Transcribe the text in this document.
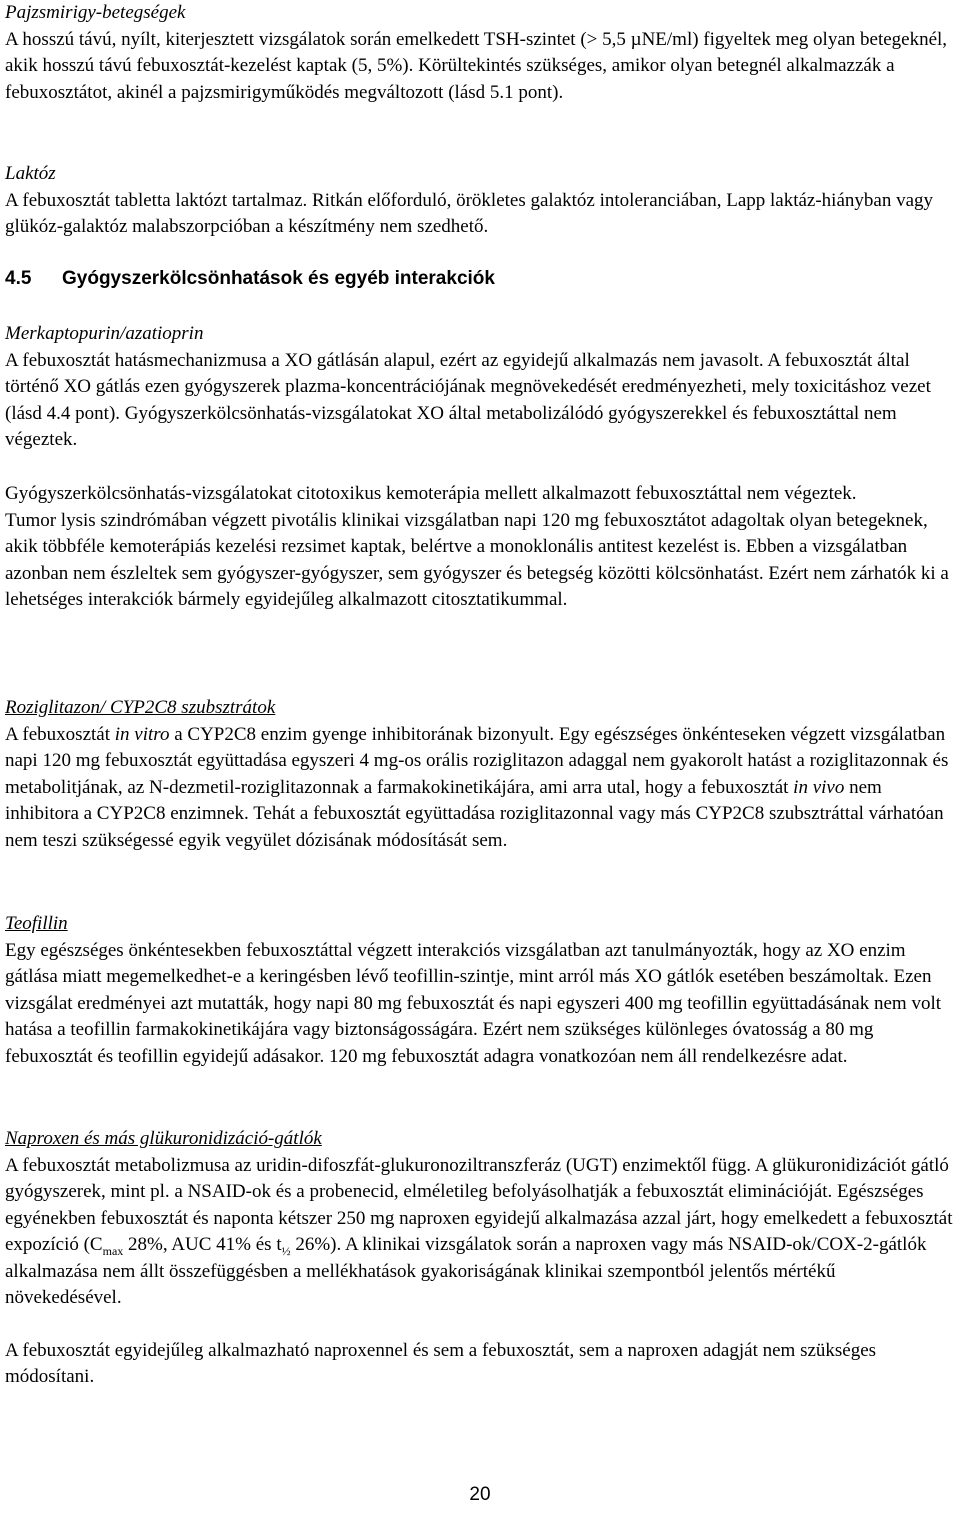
Pajzsmirigy-betegségek
A hosszú távú, nyílt, kiterjesztett vizsgálatok során emelkedett TSH-szintet (> 5,5 µNE/ml) figyeltek meg olyan betegeknél, akik hosszú távú febuxosztát-kezelést kaptak (5, 5%). Körültekintés szükséges, amikor olyan betegnél alkalmazzák a febuxosztátot, akinél a pajzsmirigyműködés megváltozott (lásd 5.1 pont).
Laktóz
A febuxosztát tabletta laktózt tartalmaz. Ritkán előforduló, örökletes galaktóz intoleranciában, Lapp laktáz-hiányban vagy glükóz-galaktóz malabszorpcióban a készítmény nem szedhető.
4.5 Gyógyszerkölcsönhatások és egyéb interakciók
Merkaptopurin/azatioprin
A febuxosztát hatásmechanizmusa a XO gátlásán alapul, ezért az egyidejű alkalmazás nem javasolt. A febuxosztát által történő XO gátlás ezen gyógyszerek plazma-koncentrációjának megnövekedését eredményezheti, mely toxicitáshoz vezet (lásd 4.4 pont). Gyógyszerkölcsönhatás-vizsgálatokat XO által metabolizálódó gyógyszerekkel és febuxosztáttal nem végeztek.
Gyógyszerkölcsönhatás-vizsgálatokat citotoxikus kemoterápia mellett alkalmazott febuxosztáttal nem végeztek.
Tumor lysis szindrómában végzett pivotális klinikai vizsgálatban napi 120 mg febuxosztátot adagoltak olyan betegeknek, akik többféle kemoterápiás kezelési rezsimet kaptak, belértve a monoklonális antitest kezelést is. Ebben a vizsgálatban azonban nem észleltek sem gyógyszer-gyógyszer, sem gyógyszer és betegség közötti kölcsönhatást. Ezért nem zárhatók ki a lehetséges interakciók bármely egyidejűleg alkalmazott citosztatikummal.
Roziglitazon/ CYP2C8 szubsztrátok
A febuxosztát in vitro a CYP2C8 enzim gyenge inhibitorának bizonyult. Egy egészséges önkénteseken végzett vizsgálatban napi 120 mg febuxosztát együttadása egyszeri 4 mg-os orális roziglitazon adaggal nem gyakorolt hatást a roziglitazonnak és metabolitjának, az N-dezmetil-roziglitazonnak a farmakokinetikájára, ami arra utal, hogy a febuxosztát in vivo nem inhibitora a CYP2C8 enzimnek. Tehát a febuxosztát együttadása roziglitazonnal vagy más CYP2C8 szubsztráttal várhatóan nem teszi szükségessé egyik vegyület dózisának módosítását sem.
Teofillin
Egy egészséges önkéntesekben febuxosztáttal végzett interakciós vizsgálatban azt tanulmányozták, hogy az XO enzim gátlása miatt megemelkedhet-e a keringésben lévő teofillin-szintje, mint arról más XO gátlók esetében beszámoltak. Ezen vizsgálat eredményei azt mutatták, hogy napi 80 mg febuxosztát és napi egyszeri 400 mg teofillin együttadásának nem volt hatása a teofillin farmakokinetikájára vagy biztonságosságára. Ezért nem szükséges különleges óvatosság a 80 mg febuxosztát és teofillin egyidejű adásakor. 120 mg febuxosztát adagra vonatkozóan nem áll rendelkezésre adat.
Naproxen és más glükuronidizáció-gátlók
A febuxosztát metabolizmusa az uridin-difoszfát-glukuronoziltranszferáz (UGT) enzimektől függ. A glükuronidizációt gátló gyógyszerek, mint pl. a NSAID-ok és a probenecid, elméletileg befolyásolhatják a febuxosztát eliminációját. Egészséges egyénekben febuxosztát és naponta kétszer 250 mg naproxen egyidejű alkalmazása azzal járt, hogy emelkedett a febuxosztát expozíció ($C_{max}$ 28%, AUC 41% és $t_{\frac{1}{2}}$ 26%). A klinikai vizsgálatok során a naproxen vagy más NSAID-ok/COX-2-gátlók alkalmazása nem állt összefüggésben a mellékhatások gyakoriságának klinikai szempontból jelentős mértékű növekedésével.
A febuxosztát egyidejűleg alkalmazható naproxennel és sem a febuxosztát, sem a naproxen adagját nem szükséges módosítani.
20
